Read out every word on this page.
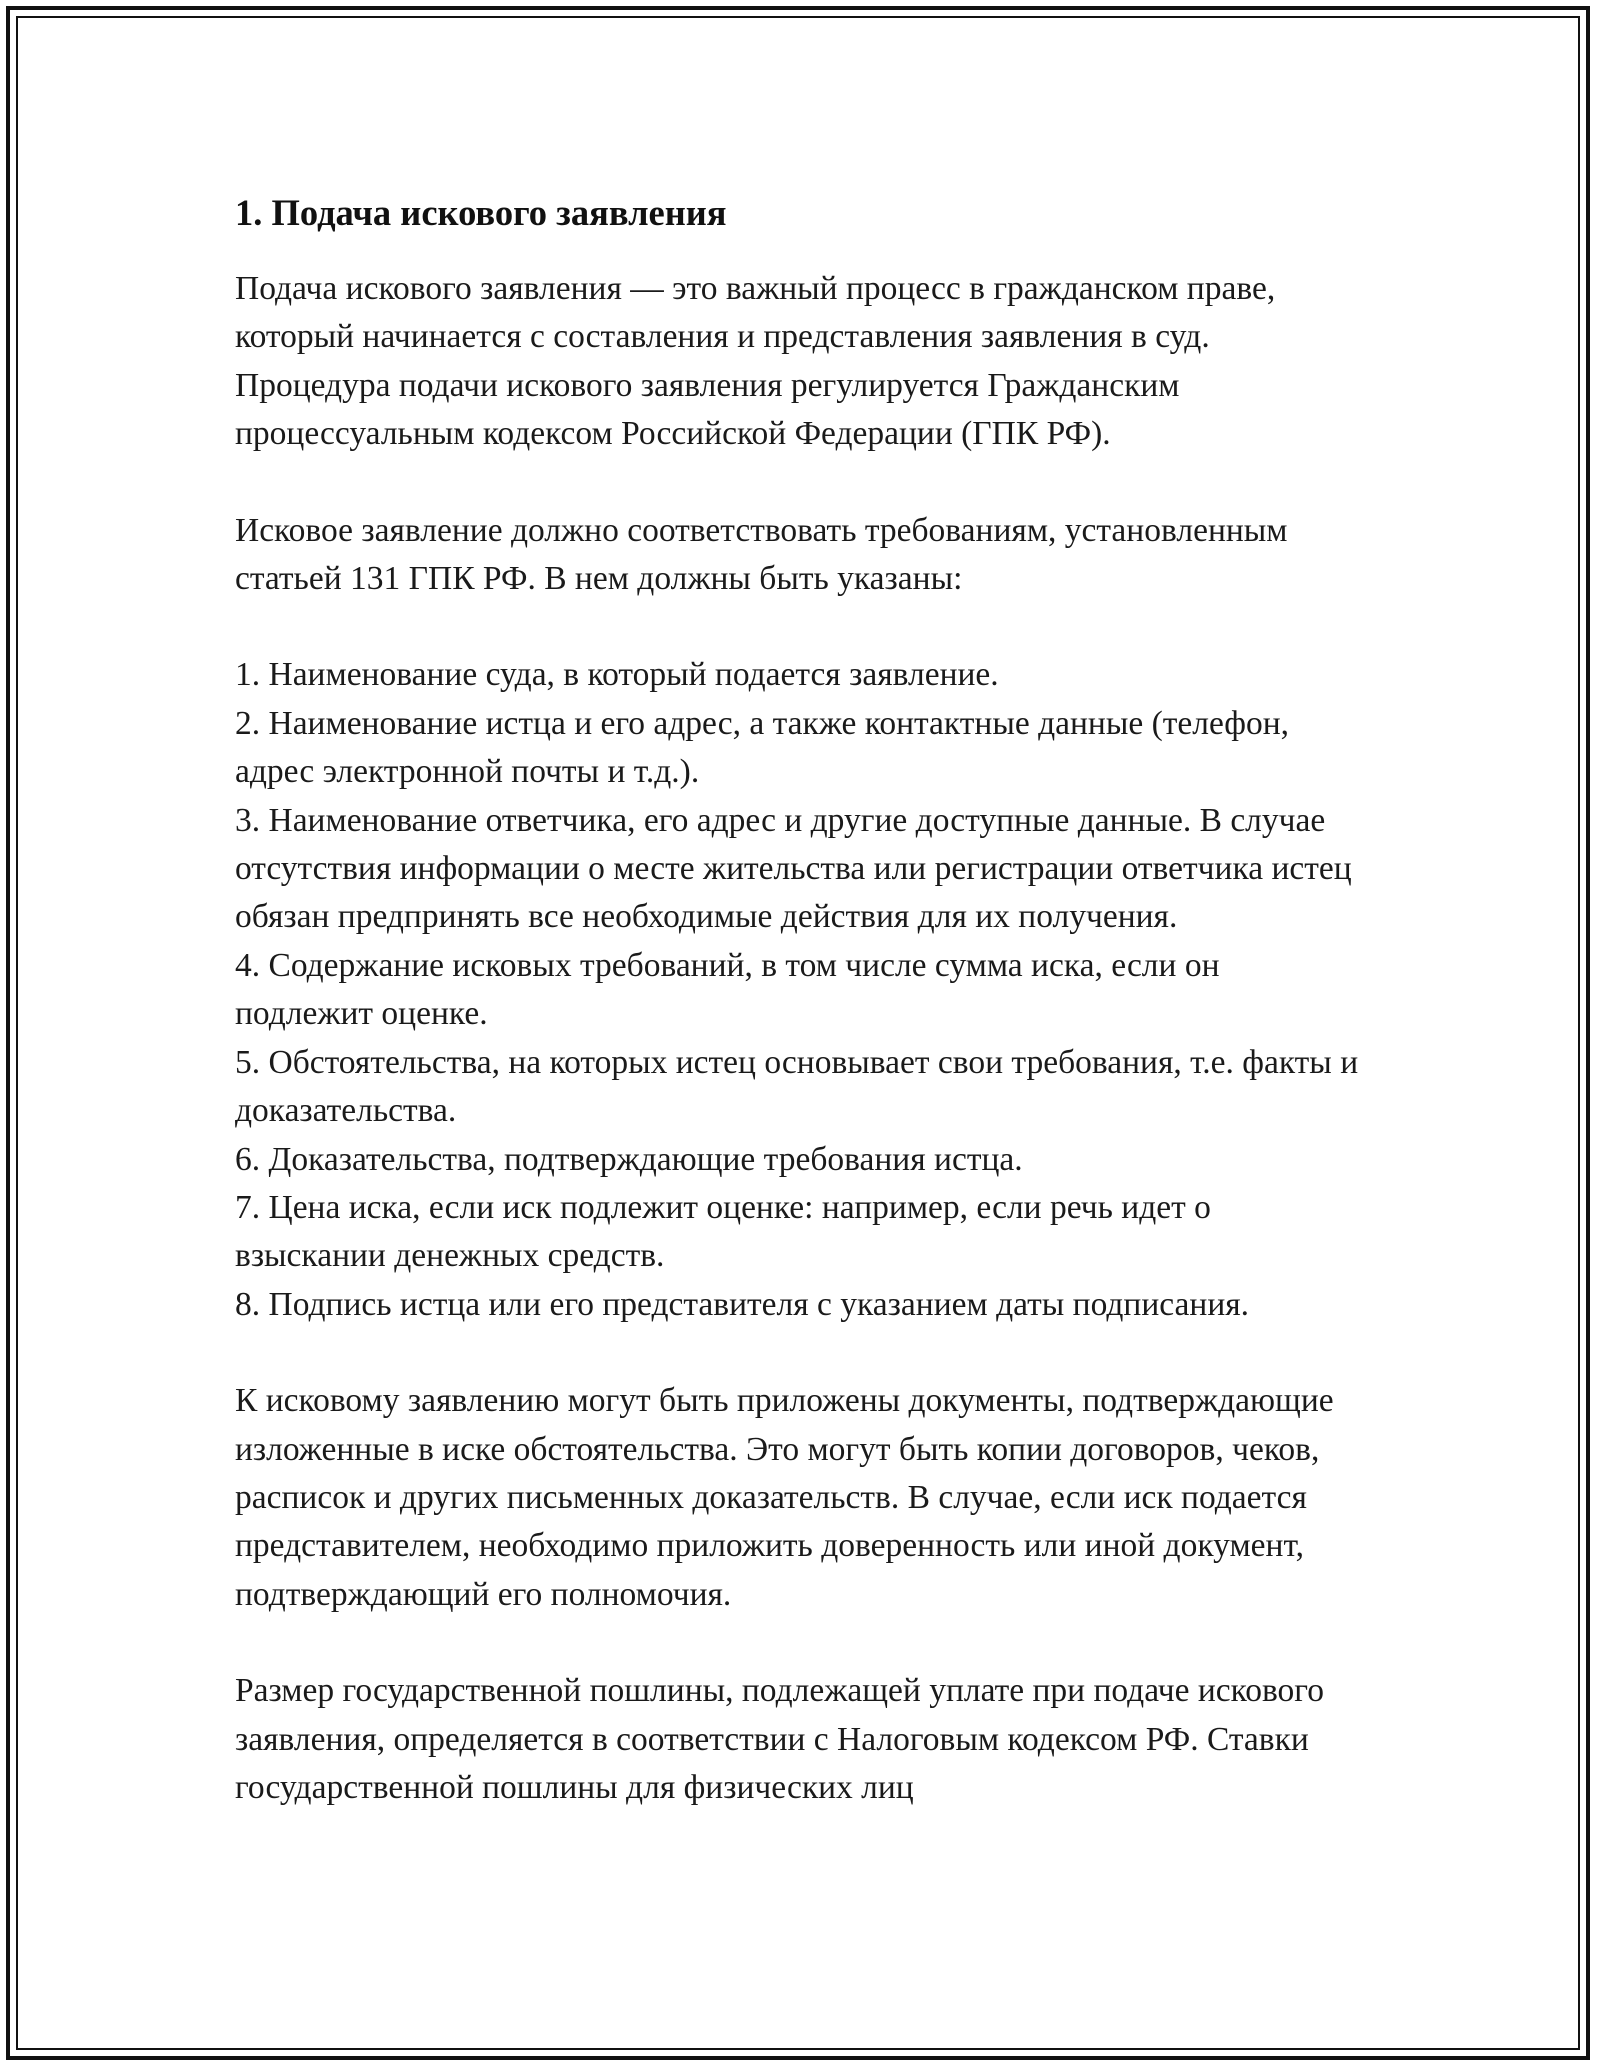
1. Подача искового заявления

Подача искового заявления — это важный процесс в гражданском праве, который начинается с составления и представления заявления в суд. Процедура подачи искового заявления регулируется Гражданским процессуальным кодексом Российской Федерации (ГПК РФ).

Исковое заявление должно соответствовать требованиям, установленным статьей 131 ГПК РФ. В нем должны быть указаны:

1. Наименование суда, в который подается заявление.
2. Наименование истца и его адрес, а также контактные данные (телефон, адрес электронной почты и т.д.).
3. Наименование ответчика, его адрес и другие доступные данные. В случае отсутствия информации о месте жительства или регистрации ответчика истец обязан предпринять все необходимые действия для их получения.
4. Содержание исковых требований, в том числе сумма иска, если он подлежит оценке.
5. Обстоятельства, на которых истец основывает свои требования, т.е. факты и доказательства.
6. Доказательства, подтверждающие требования истца.
7. Цена иска, если иск подлежит оценке: например, если речь идет о взыскании денежных средств.
8. Подпись истца или его представителя с указанием даты подписания.

К исковому заявлению могут быть приложены документы, подтверждающие изложенные в иске обстоятельства. Это могут быть копии договоров, чеков, расписок и других письменных доказательств. В случае, если иск подается представителем, необходимо приложить доверенность или иной документ, подтверждающий его полномочия.

Размер государственной пошлины, подлежащей уплате при подаче искового заявления, определяется в соответствии с Налоговым кодексом РФ. Ставки государственной пошлины для физических лиц
